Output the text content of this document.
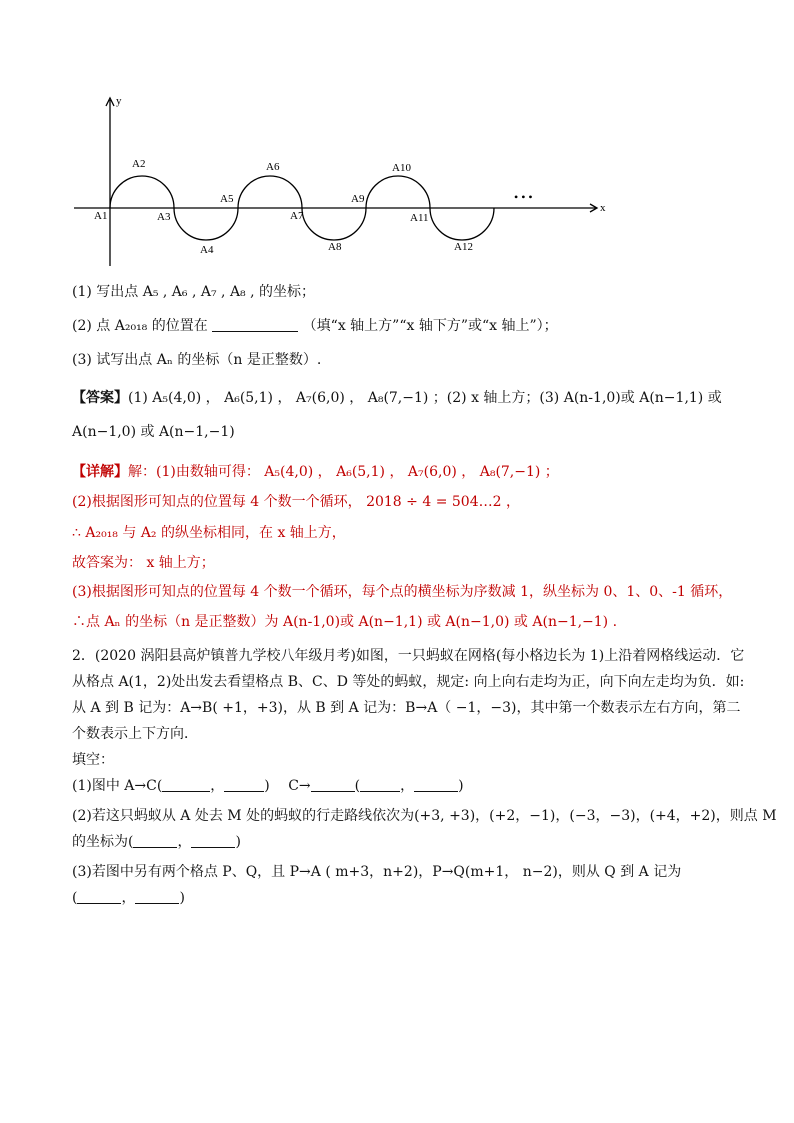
y
x
A1
A2
A3
A4
A5
A6
A7
A8
A9
A10
A11
A12
• • •
(1) 写出点 A₅ , A₆ , A₇ , A₈ , 的坐标；
(2) 点 A₂₀₁₈ 的位置在	（填“x 轴上方”“x 轴下方”或“x 轴上”）；
(3) 试写出点 Aₙ 的坐标（n 是正整数）.
【答案】(1) A₅(4,0) ， A₆(5,1) ， A₇(6,0) ， A₈(7,−1) ；(2) x 轴上方；(3) A(n-1,0)或 A(n−1,1) 或
A(n−1,0) 或 A(n−1,−1)
【详解】解：(1)由数轴可得： A₅(4,0) ， A₆(5,1) ， A₇(6,0) ， A₈(7,−1) ；
(2)根据图形可知点的位置每 4 个数一个循环， 2018 ÷ 4 = 504…2 ，
∴ A₂₀₁₈ 与 A₂ 的纵坐标相同，在 x 轴上方，
故答案为： x 轴上方；
(3)根据图形可知点的位置每 4 个数一个循环，每个点的横坐标为序数减 1，纵坐标为 0、1、0、-1 循环，
∴点 Aₙ 的坐标（n 是正整数）为 A(n-1,0)或 A(n−1,1) 或 A(n−1,0) 或 A(n−1,−1) .
2．(2020 涡阳县高炉镇普九学校八年级月考)如图，一只蚂蚁在网格(每小格边长为 1)上沿着网格线运动．它
从格点 A(1，2)处出发去看望格点 B、C、D 等处的蚂蚁，规定: 向上向右走均为正，向下向左走均为负．如:
从 A 到 B 记为：A→B( +1，+3)，从 B 到 A 记为：B→A（ −1，−3)，其中第一个数表示左右方向，第二
个数表示上下方向．
填空：
(1)图中 A→C(	，	)　 C→	(	，	)
(2)若这只蚂蚁从 A 处去 M 处的蚂蚁的行走路线依次为(+3, +3)，(+2，−1)，(−3，−3)，(+4，+2)，则点 M
的坐标为(	，	)
(3)若图中另有两个格点 P、Q，且 P→A ( m+3，n+2)，P→Q(m+1， n−2)，则从 Q 到 A 记为
(	，	)
